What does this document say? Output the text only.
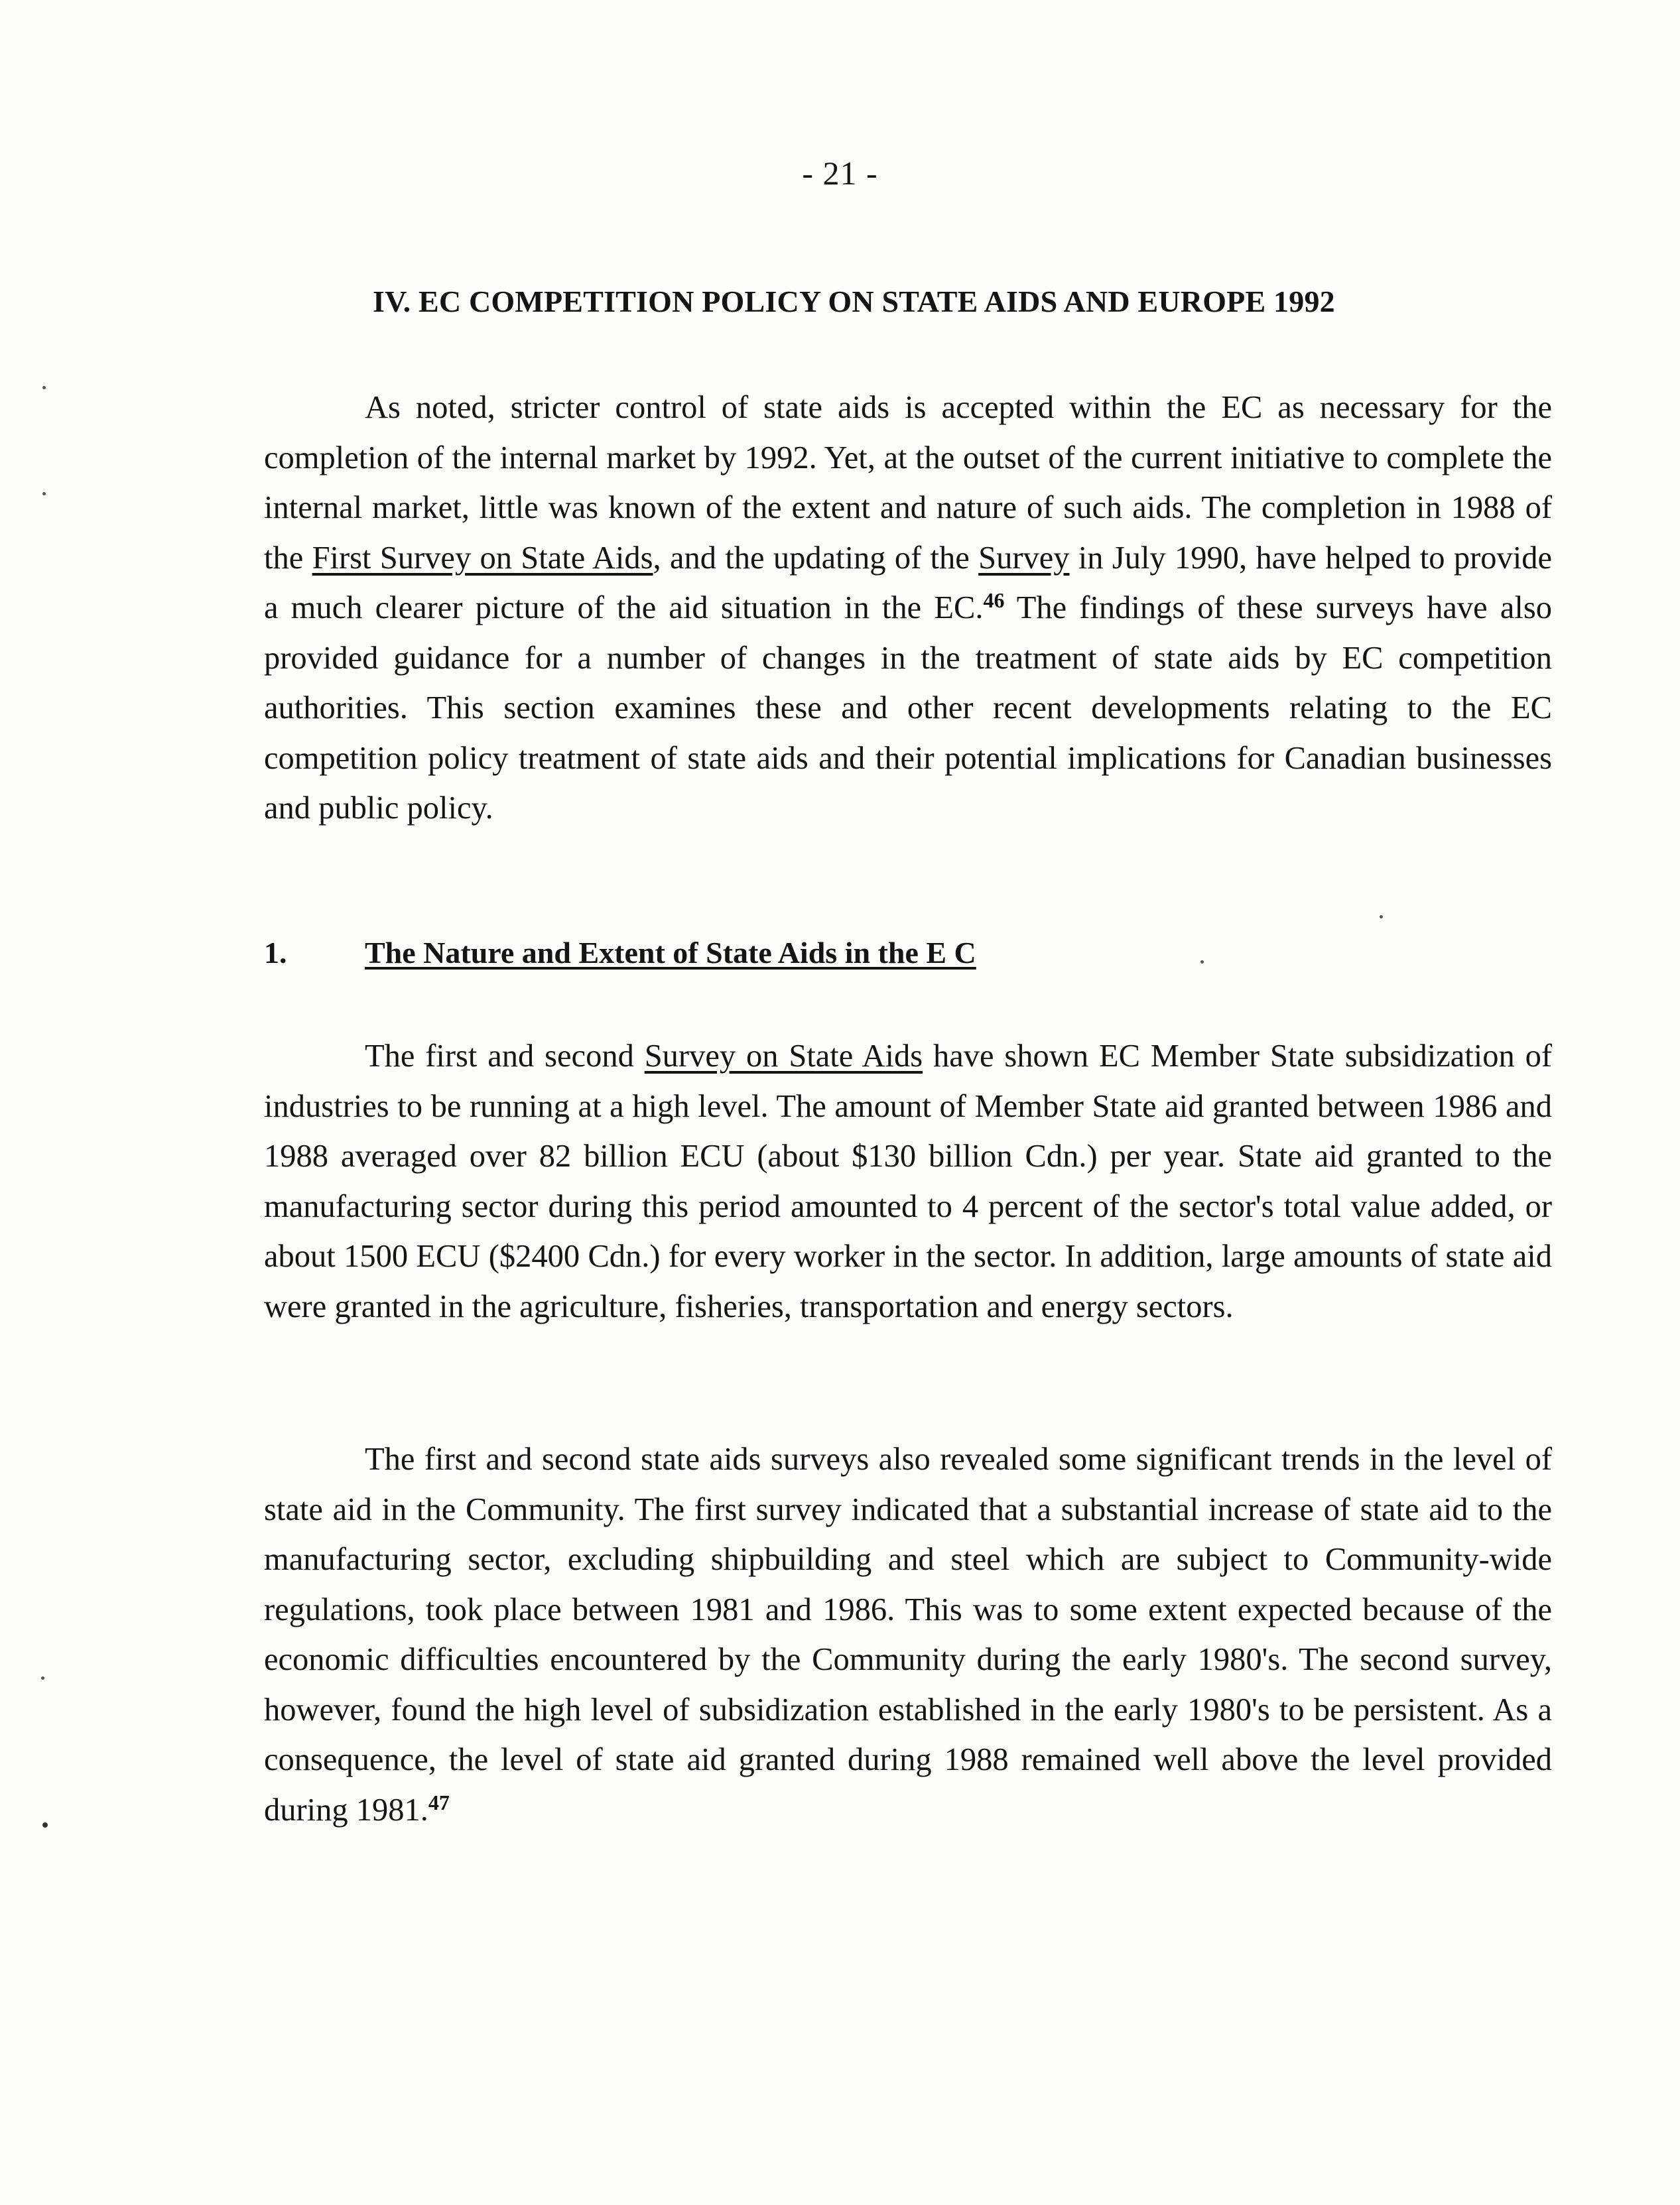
- 21 -
IV. EC COMPETITION POLICY ON STATE AIDS AND EUROPE 1992

As noted, stricter control of state aids is accepted within the EC as necessary for the completion of the internal market by 1992. Yet, at the outset of the current initiative to complete the internal market, little was known of the extent and nature of such aids. The completion in 1988 of the First Survey on State Aids, and the updating of the Survey in July 1990, have helped to provide a much clearer picture of the aid situation in the EC.$^{46}$ The findings of these surveys have also provided guidance for a number of changes in the treatment of state aids by EC competition authorities. This section examines these and other recent developments relating to the EC competition policy treatment of state aids and their potential implications for Canadian businesses and public policy.

1.	The Nature and Extent of State Aids in the E C

The first and second Survey on State Aids have shown EC Member State subsidization of industries to be running at a high level. The amount of Member State aid granted between 1986 and 1988 averaged over 82 billion ECU (about $130 billion Cdn.) per year. State aid granted to the manufacturing sector during this period amounted to 4 percent of the sector's total value added, or about 1500 ECU ($2400 Cdn.) for every worker in the sector. In addition, large amounts of state aid were granted in the agriculture, fisheries, transportation and energy sectors.

The first and second state aids surveys also revealed some significant trends in the level of state aid in the Community. The first survey indicated that a substantial increase of state aid to the manufacturing sector, excluding shipbuilding and steel which are subject to Community-wide regulations, took place between 1981 and 1986. This was to some extent expected because of the economic difficulties encountered by the Community during the early 1980's. The second survey, however, found the high level of subsidization established in the early 1980's to be persistent. As a consequence, the level of state aid granted during 1988 remained well above the level provided during 1981.47
